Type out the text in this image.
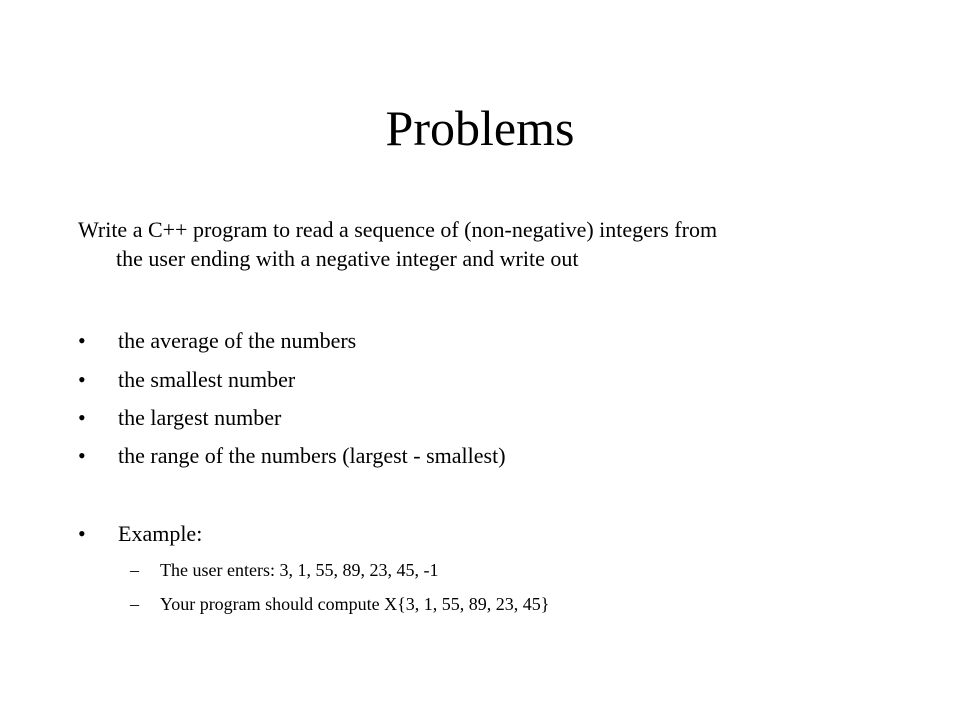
Problems
Write a C++ program to read a sequence of (non-negative) integers from
the user ending with a negative integer and write out
•	the average of the numbers
•	the smallest number
•	the largest number
•	the range of the numbers (largest - smallest)
•	Example:
– The user enters: 3, 1, 55, 89, 23, 45, -1
– Your program should compute X{3, 1, 55, 89, 23, 45}
